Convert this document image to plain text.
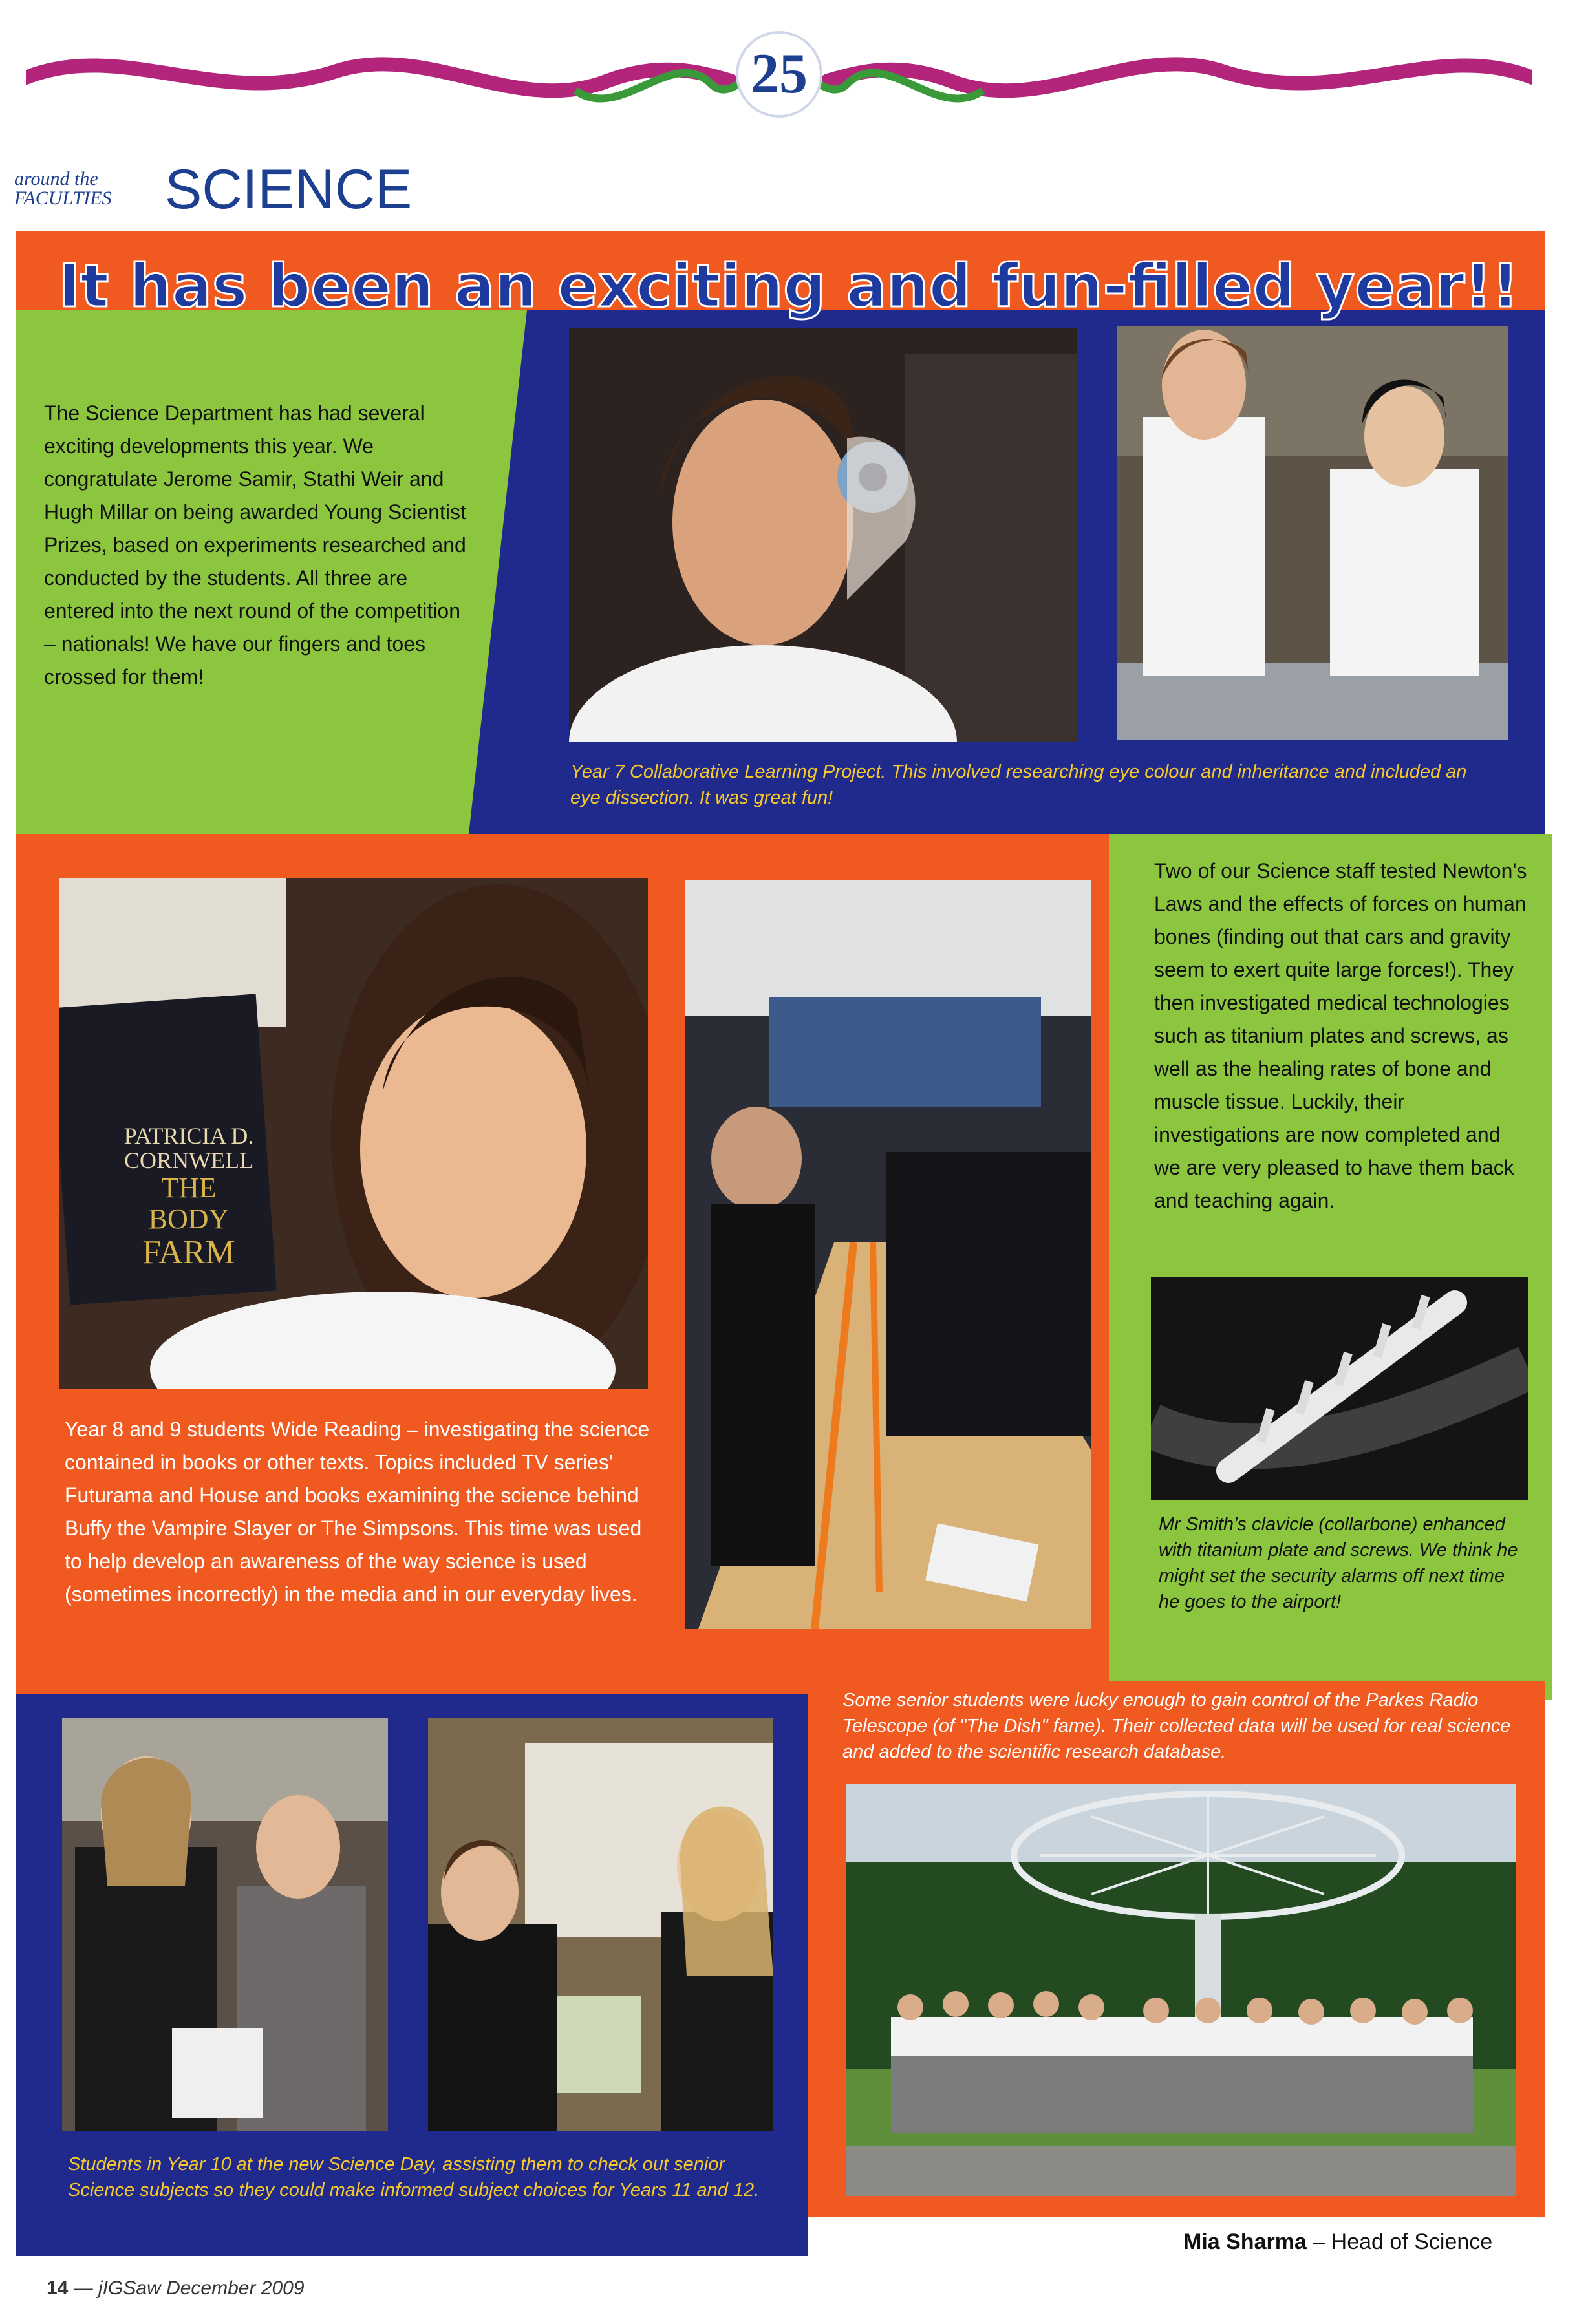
25
around the FACULTIES SCIENCE
It has been an exciting and fun-filled year!!
The Science Department has had several exciting developments this year. We congratulate Jerome Samir, Stathi Weir and Hugh Millar on being awarded Young Scientist Prizes, based on experiments researched and conducted by the students. All three are entered into the next round of the competition – nationals! We have our fingers and toes crossed for them!
Year 7 Collaborative Learning Project. This involved researching eye colour and inheritance and included an eye dissection. It was great fun!
PATRICIA D.
CORNWELL
THE BODY
FARM
Two of our Science staff tested Newton's Laws and the effects of forces on human bones (finding out that cars and gravity seem to exert quite large forces!). They then investigated medical technologies such as titanium plates and screws, as well as the healing rates of bone and muscle tissue. Luckily, their investigations are now completed and we are very pleased to have them back and teaching again.
Year 8 and 9 students Wide Reading – investigating the science contained in books or other texts. Topics included TV series' Futurama and House and books examining the science behind Buffy the Vampire Slayer or The Simpsons. This time was used to help develop an awareness of the way science is used (sometimes incorrectly) in the media and in our everyday lives.
Mr Smith's clavicle (collarbone) enhanced with titanium plate and screws. We think he might set the security alarms off next time he goes to the airport!
Some senior students were lucky enough to gain control of the Parkes Radio Telescope (of "The Dish" fame). Their collected data will be used for real science and added to the scientific research database.
Students in Year 10 at the new Science Day, assisting them to check out senior Science subjects so they could make informed subject choices for Years 11 and 12.
Mia Sharma – Head of Science
14 — jIGSaw December 2009
